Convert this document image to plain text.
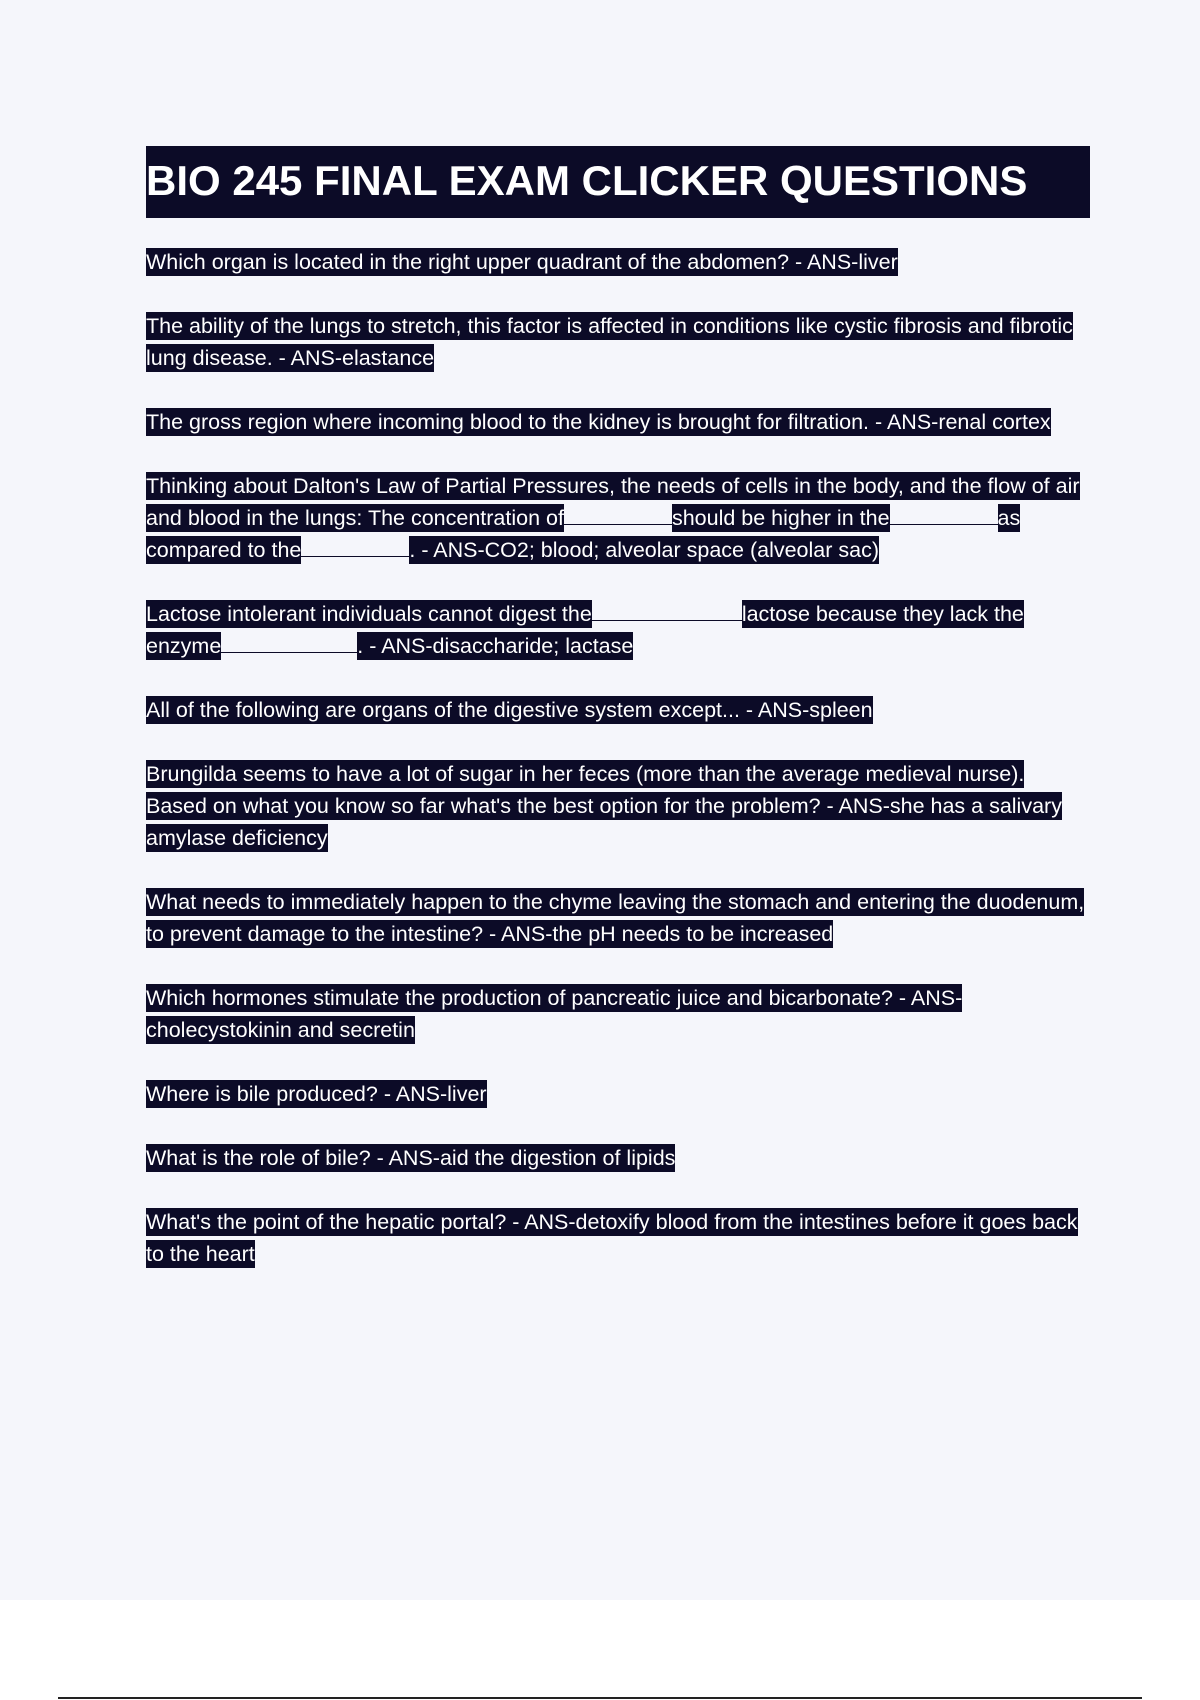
BIO 245 FINAL EXAM CLICKER QUESTIONS

Which organ is located in the right upper quadrant of the abdomen? - ANS-liver

The ability of the lungs to stretch, this factor is affected in conditions like cystic fibrosis and fibrotic lung disease. - ANS-elastance

The gross region where incoming blood to the kidney is brought for filtration. - ANS-renal cortex

Thinking about Dalton's Law of Partial Pressures, the needs of cells in the body, and the flow of air and blood in the lungs: The concentration of	should be higher in the	as compared to the	. - ANS-CO2; blood; alveolar space (alveolar sac)

Lactose intolerant individuals cannot digest the	lactose because they lack the enzyme	. - ANS-disaccharide; lactase

All of the following are organs of the digestive system except... - ANS-spleen

Brungilda seems to have a lot of sugar in her feces (more than the average medieval nurse). Based on what you know so far what's the best option for the problem? - ANS-she has a salivary amylase deficiency

What needs to immediately happen to the chyme leaving the stomach and entering the duodenum, to prevent damage to the intestine? - ANS-the pH needs to be increased

Which hormones stimulate the production of pancreatic juice and bicarbonate? - ANS-cholecystokinin and secretin

Where is bile produced? - ANS-liver

What is the role of bile? - ANS-aid the digestion of lipids

What's the point of the hepatic portal? - ANS-detoxify blood from the intestines before it goes back to the heart
